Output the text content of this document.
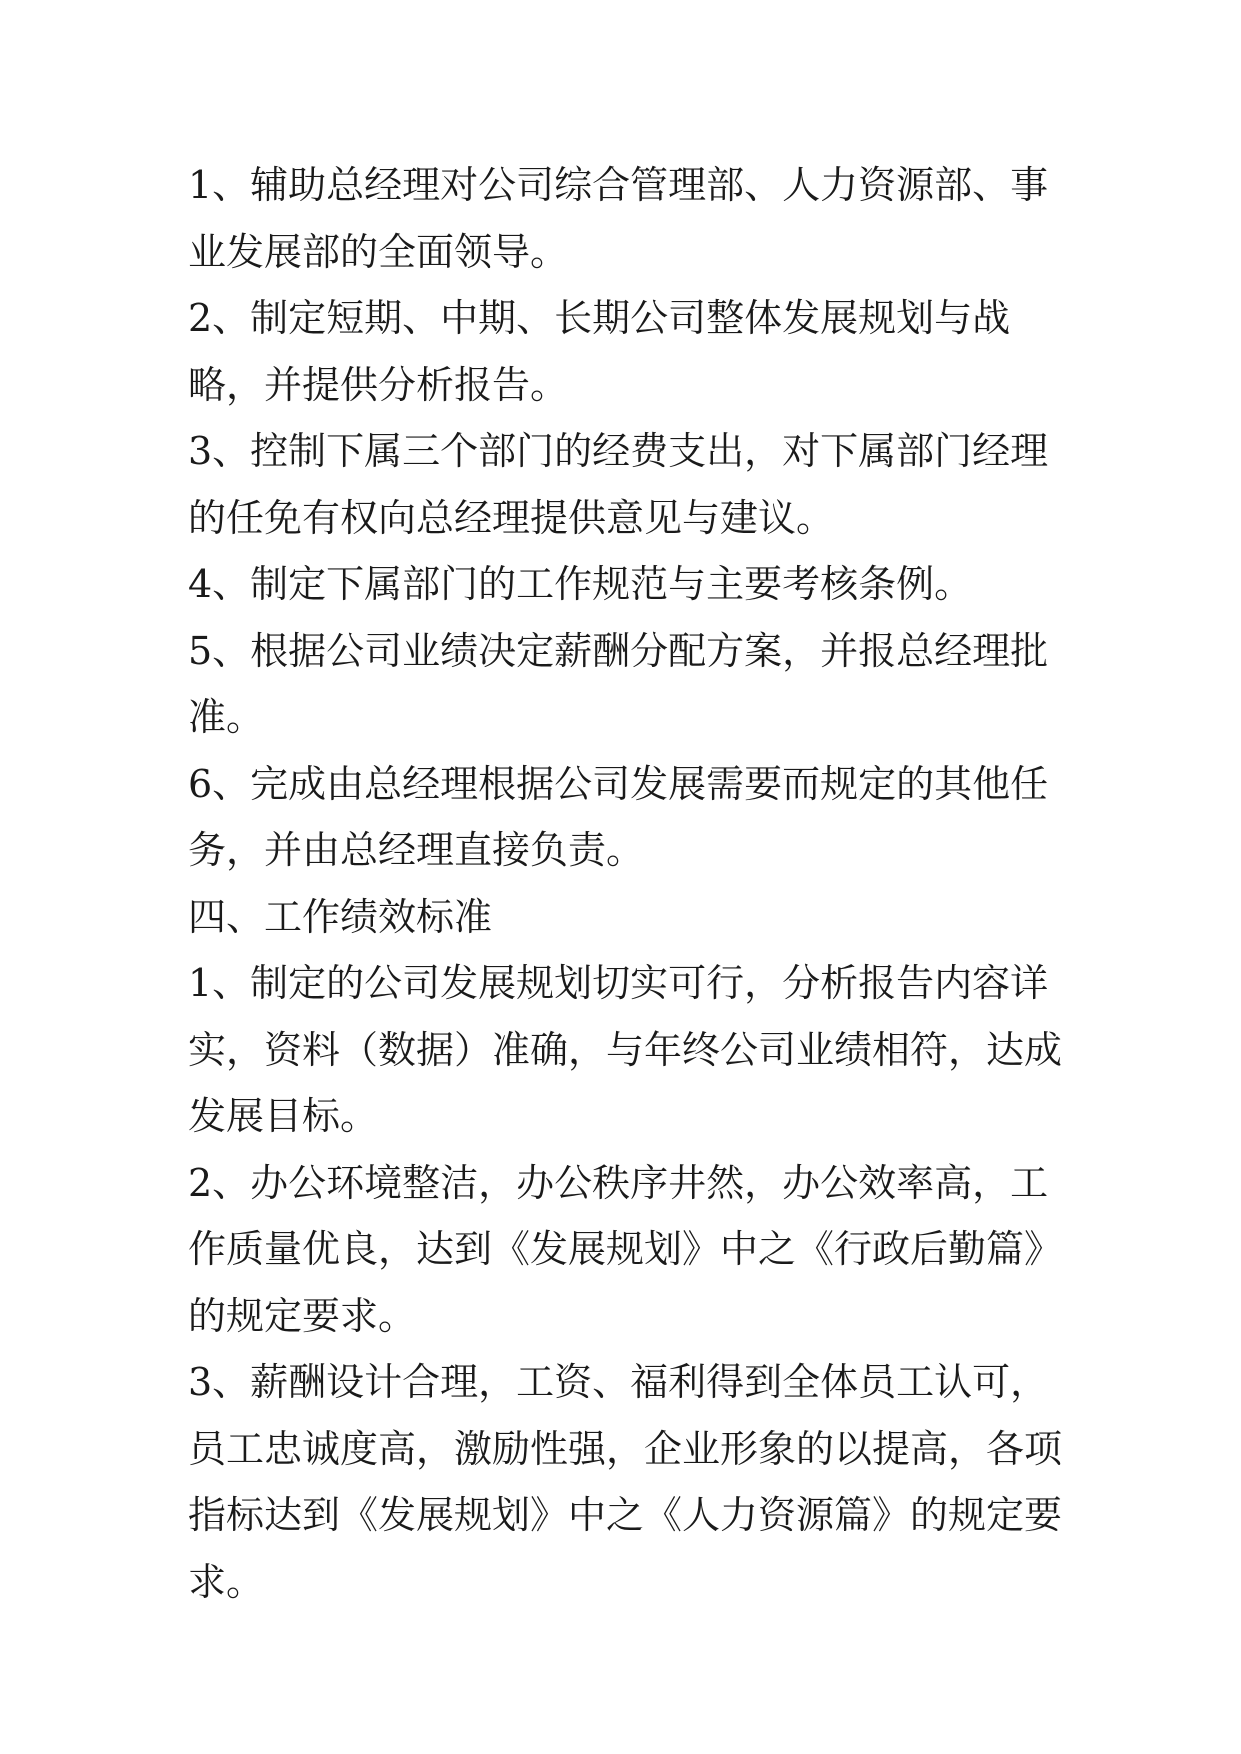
1、辅助总经理对公司综合管理部、人力资源部、事业发展部的全面领导。

2、制定短期、中期、长期公司整体发展规划与战略，并提供分析报告。

3、控制下属三个部门的经费支出，对下属部门经理的任免有权向总经理提供意见与建议。

4、制定下属部门的工作规范与主要考核条例。

5、根据公司业绩决定薪酬分配方案，并报总经理批准。

6、完成由总经理根据公司发展需要而规定的其他任务，并由总经理直接负责。

四、工作绩效标准

1、制定的公司发展规划切实可行，分析报告内容详实，资料（数据）准确，与年终公司业绩相符，达成发展目标。

2、办公环境整洁，办公秩序井然，办公效率高，工作质量优良，达到《发展规划》中之《行政后勤篇》的规定要求。

3、薪酬设计合理，工资、福利得到全体员工认可，员工忠诚度高，激励性强，企业形象的以提高，各项指标达到《发展规划》中之《人力资源篇》的规定要求。
